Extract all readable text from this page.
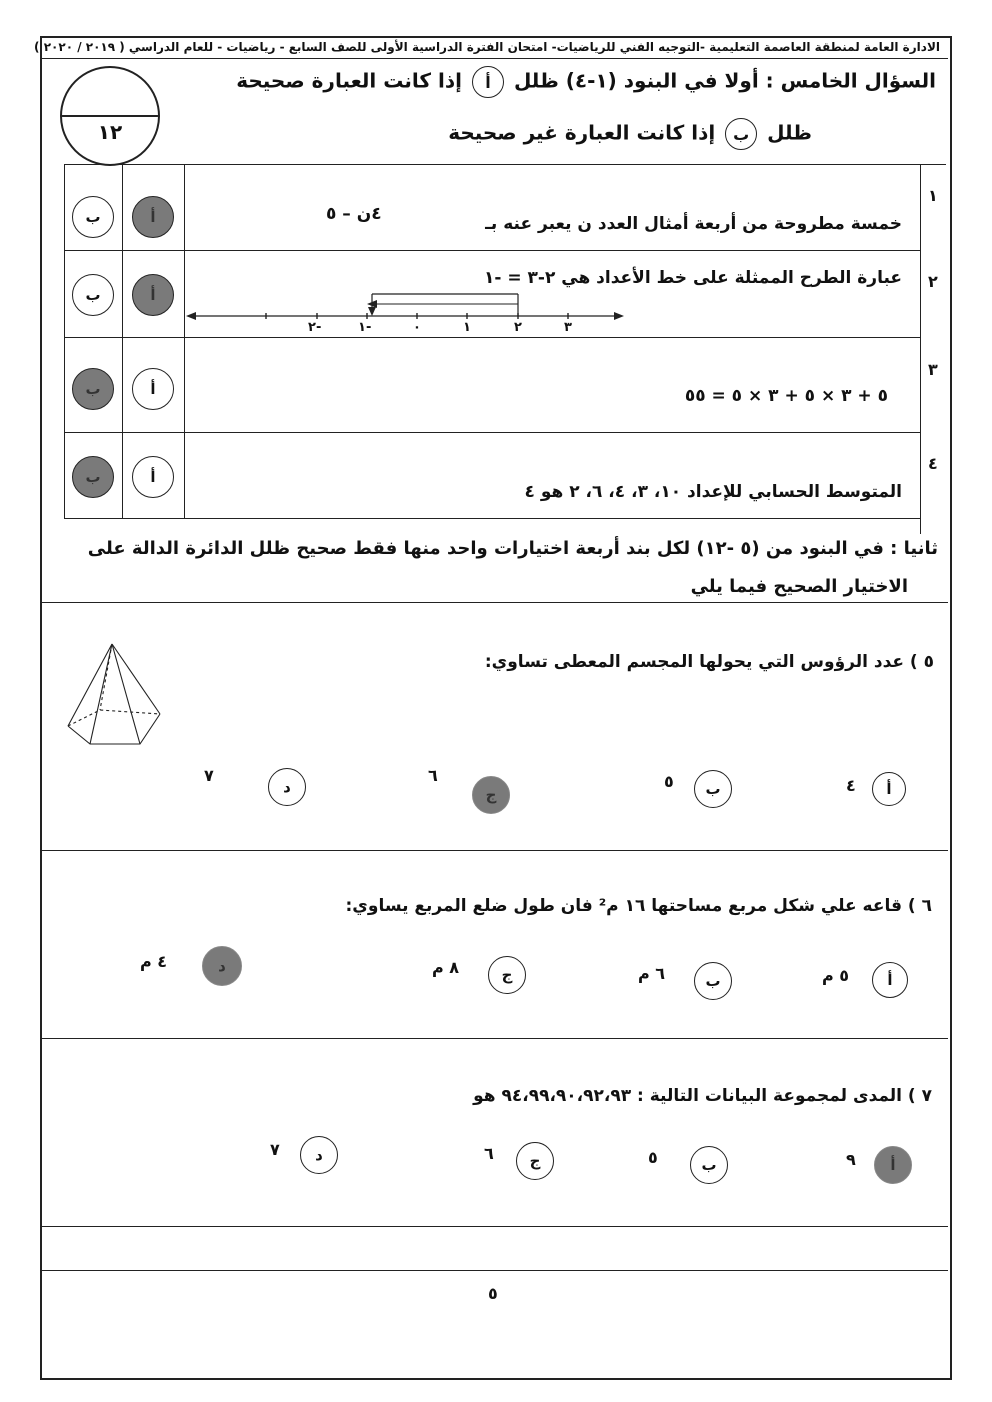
الادارة العامة لمنطقة العاصمة التعليمية -التوجيه الفني للرياضيات- امتحان الفترة الدراسية الأولى للصف السابع - رياضيات - للعام الدراسي ( ٢٠١٩ / ٢٠٢٠ )
١٢
السؤال الخامس : أولا في البنود (١-٤) ظلل أ إذا كانت العبارة صحيحة
ظلل ب إذا كانت العبارة غير صحيحة
١
خمسة مطروحة من أربعة أمثال العدد ن يعبر عنه بـ
٤ن – ٥
أ
ب
٢
عبارة الطرح الممثلة على خط الأعداد هي ٢-٣ = -١
٣
٢
١
٠
١-
٢-
أ
ب
٣
٥ + ٣ × ٥ + ٣ × ٥ = ٥٥
أ
ب
٤
المتوسط الحسابي للإعداد ١٠، ٣، ٤، ٦، ٢ هو ٤
أ
ب
ثانيا : في البنود من (٥ -١٢) لكل بند أربعة اختيارات واحد منها فقط صحيح ظلل الدائرة الدالة على
الاختيار الصحيح فيما يلي
٥ ) عدد الرؤوس التي يحولها المجسم المعطى تساوي:
أ
٤
ب
٥
ج
٦
د
٧
٦ ) قاعه علي شكل مربع مساحتها ١٦ م² فان طول ضلع المربع يساوي:
أ
٥ م
ب
٦ م
ج
٨ م
د
٤ م
٧ ) المدى لمجموعة البيانات التالية : ٩٤،٩٩،٩٠،٩٢،٩٣ هو
أ
٩
ب
٥
ج
٦
د
٧
٥
